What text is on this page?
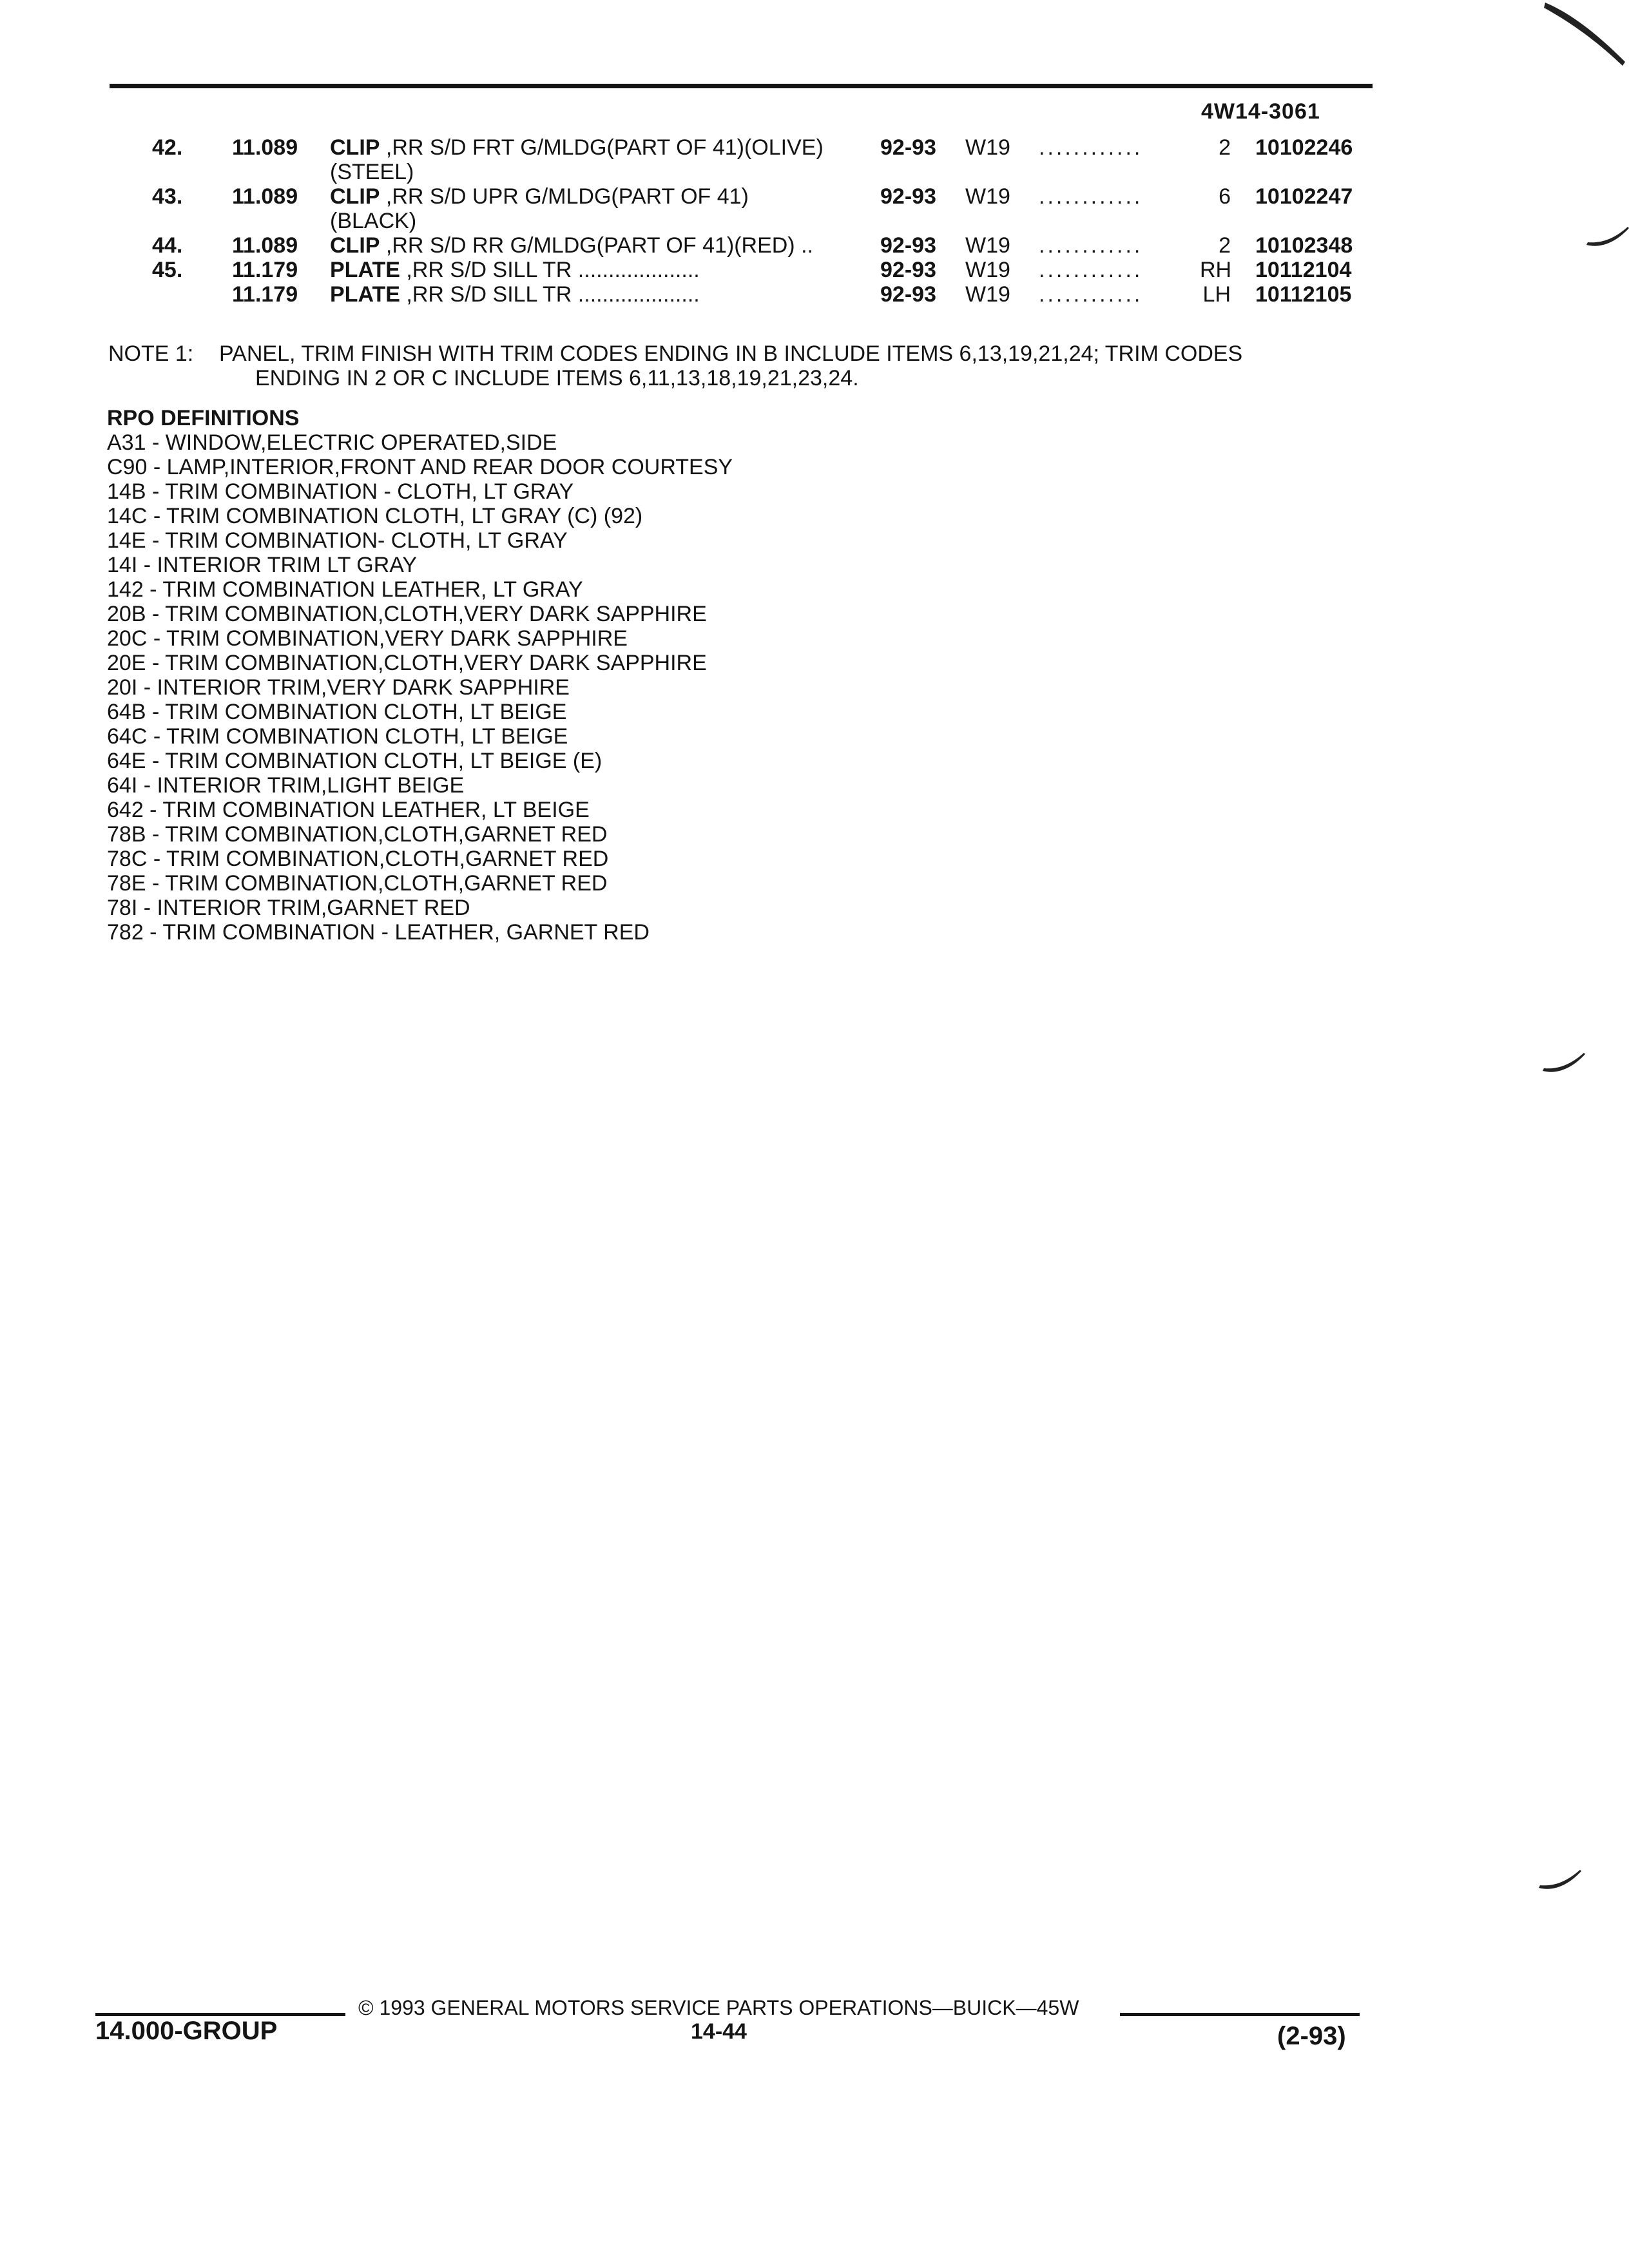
4W14-3061
42. 11.089 CLIP ,RR S/D FRT G/MLDG(PART OF 41)(OLIVE)
(STEEL)
92-93 W19 ............	2 10102246
43. 11.089 CLIP ,RR S/D UPR G/MLDG(PART OF 41)
(BLACK)
92-93 W19 ............	6 10102247
44. 11.089 CLIP ,RR S/D RR G/MLDG(PART OF 41)(RED) ..	92-93 W19 ............	2 10102348
45. 11.179 PLATE ,RR S/D SILL TR ....................	92-93 W19 ............	RH 10112104
11.179 PLATE ,RR S/D SILL TR ....................	92-93 W19 ............	LH 10112105
NOTE 1: PANEL, TRIM FINISH WITH TRIM CODES ENDING IN B INCLUDE ITEMS 6,13,19,21,24; TRIM CODES
ENDING IN 2 OR C INCLUDE ITEMS 6,11,13,18,19,21,23,24.
RPO DEFINITIONS
A31 - WINDOW,ELECTRIC OPERATED,SIDE
C90 - LAMP,INTERIOR,FRONT AND REAR DOOR COURTESY
14B - TRIM COMBINATION - CLOTH, LT GRAY
14C - TRIM COMBINATION CLOTH, LT GRAY (C) (92)
14E - TRIM COMBINATION- CLOTH, LT GRAY
14I - INTERIOR TRIM LT GRAY
142 - TRIM COMBINATION LEATHER, LT GRAY
20B - TRIM COMBINATION,CLOTH,VERY DARK SAPPHIRE
20C - TRIM COMBINATION,VERY DARK SAPPHIRE
20E - TRIM COMBINATION,CLOTH,VERY DARK SAPPHIRE
20I - INTERIOR TRIM,VERY DARK SAPPHIRE
64B - TRIM COMBINATION CLOTH, LT BEIGE
64C - TRIM COMBINATION CLOTH, LT BEIGE
64E - TRIM COMBINATION CLOTH, LT BEIGE (E)
64I - INTERIOR TRIM,LIGHT BEIGE
642 - TRIM COMBINATION LEATHER, LT BEIGE
78B - TRIM COMBINATION,CLOTH,GARNET RED
78C - TRIM COMBINATION,CLOTH,GARNET RED
78E - TRIM COMBINATION,CLOTH,GARNET RED
78I - INTERIOR TRIM,GARNET RED
782 - TRIM COMBINATION - LEATHER, GARNET RED
© 1993 GENERAL MOTORS SERVICE PARTS OPERATIONS—BUICK—45W
14.000-GROUP	14-44	(2-93)
